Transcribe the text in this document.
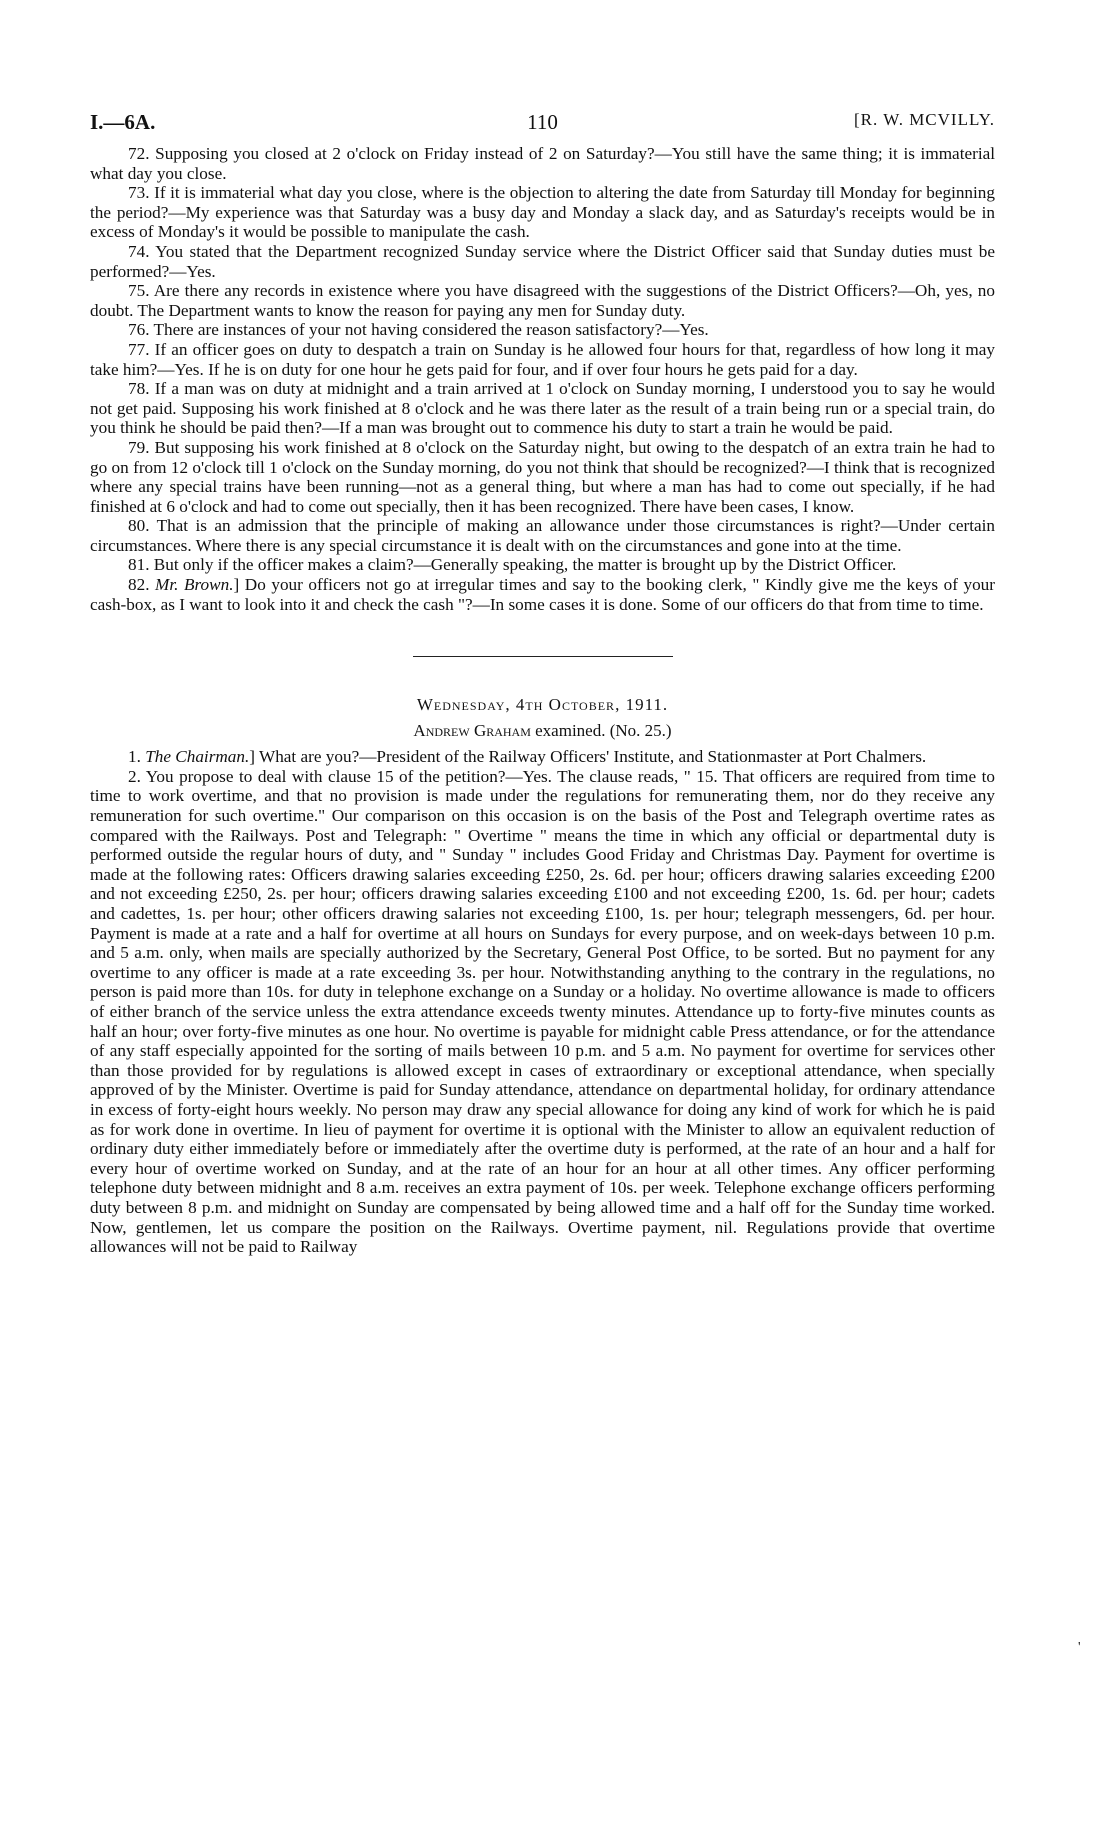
I.—6A.	110	[R. W. MCVILLY.

72. Supposing you closed at 2 o'clock on Friday instead of 2 on Saturday?—You still have the same thing; it is immaterial what day you close.

73. If it is immaterial what day you close, where is the objection to altering the date from Saturday till Monday for beginning the period?—My experience was that Saturday was a busy day and Monday a slack day, and as Saturday's receipts would be in excess of Monday's it would be possible to manipulate the cash.

74. You stated that the Department recognized Sunday service where the District Officer said that Sunday duties must be performed?—Yes.

75. Are there any records in existence where you have disagreed with the suggestions of the District Officers?—Oh, yes, no doubt. The Department wants to know the reason for paying any men for Sunday duty.

76. There are instances of your not having considered the reason satisfactory?—Yes.

77. If an officer goes on duty to despatch a train on Sunday is he allowed four hours for that, regardless of how long it may take him?—Yes. If he is on duty for one hour he gets paid for four, and if over four hours he gets paid for a day.

78. If a man was on duty at midnight and a train arrived at 1 o'clock on Sunday morning, I understood you to say he would not get paid. Supposing his work finished at 8 o'clock and he was there later as the result of a train being run or a special train, do you think he should be paid then?—If a man was brought out to commence his duty to start a train he would be paid.

79. But supposing his work finished at 8 o'clock on the Saturday night, but owing to the despatch of an extra train he had to go on from 12 o'clock till 1 o'clock on the Sunday morning, do you not think that should be recognized?—I think that is recognized where any special trains have been running—not as a general thing, but where a man has had to come out specially, if he had finished at 6 o'clock and had to come out specially, then it has been recognized. There have been cases, I know.

80. That is an admission that the principle of making an allowance under those circumstances is right?—Under certain circumstances. Where there is any special circumstance it is dealt with on the circumstances and gone into at the time.

81. But only if the officer makes a claim?—Generally speaking, the matter is brought up by the District Officer.

82. Mr. Brown.] Do your officers not go at irregular times and say to the booking clerk, " Kindly give me the keys of your cash-box, as I want to look into it and check the cash "?—In some cases it is done. Some of our officers do that from time to time.

Wednesday, 4th October, 1911.

Andrew Graham examined. (No. 25.)

1. The Chairman.] What are you?—President of the Railway Officers' Institute, and Stationmaster at Port Chalmers.

2. You propose to deal with clause 15 of the petition?—Yes. The clause reads, " 15. That officers are required from time to time to work overtime, and that no provision is made under the regulations for remunerating them, nor do they receive any remuneration for such overtime." Our comparison on this occasion is on the basis of the Post and Telegraph overtime rates as compared with the Railways. Post and Telegraph: " Overtime " means the time in which any official or departmental duty is performed outside the regular hours of duty, and " Sunday " includes Good Friday and Christmas Day. Payment for overtime is made at the following rates: Officers drawing salaries exceeding £250, 2s. 6d. per hour; officers drawing salaries exceeding £200 and not exceeding £250, 2s. per hour; officers drawing salaries exceeding £100 and not exceeding £200, 1s. 6d. per hour; cadets and cadettes, 1s. per hour; other officers drawing salaries not exceeding £100, 1s. per hour; telegraph messengers, 6d. per hour. Payment is made at a rate and a half for overtime at all hours on Sundays for every purpose, and on week-days between 10 p.m. and 5 a.m. only, when mails are specially authorized by the Secretary, General Post Office, to be sorted. But no payment for any overtime to any officer is made at a rate exceeding 3s. per hour. Notwithstanding anything to the contrary in the regulations, no person is paid more than 10s. for duty in telephone exchange on a Sunday or a holiday. No overtime allowance is made to officers of either branch of the service unless the extra attendance exceeds twenty minutes. Attendance up to forty-five minutes counts as half an hour; over forty-five minutes as one hour. No overtime is payable for midnight cable Press attendance, or for the attendance of any staff especially appointed for the sorting of mails between 10 p.m. and 5 a.m. No payment for overtime for services other than those provided for by regulations is allowed except in cases of extraordinary or exceptional attendance, when specially approved of by the Minister. Overtime is paid for Sunday attendance, attendance on departmental holiday, for ordinary attendance in excess of forty-eight hours weekly. No person may draw any special allowance for doing any kind of work for which he is paid as for work done in overtime. In lieu of payment for overtime it is optional with the Minister to allow an equivalent reduction of ordinary duty either immediately before or immediately after the overtime duty is performed, at the rate of an hour and a half for every hour of overtime worked on Sunday, and at the rate of an hour for an hour at all other times. Any officer performing telephone duty between midnight and 8 a.m. receives an extra payment of 10s. per week. Telephone exchange officers performing duty between 8 p.m. and midnight on Sunday are compensated by being allowed time and a half off for the Sunday time worked. Now, gentlemen, let us compare the position on the Railways. Overtime payment, nil. Regulations provide that overtime allowances will not be paid to Railway

'
